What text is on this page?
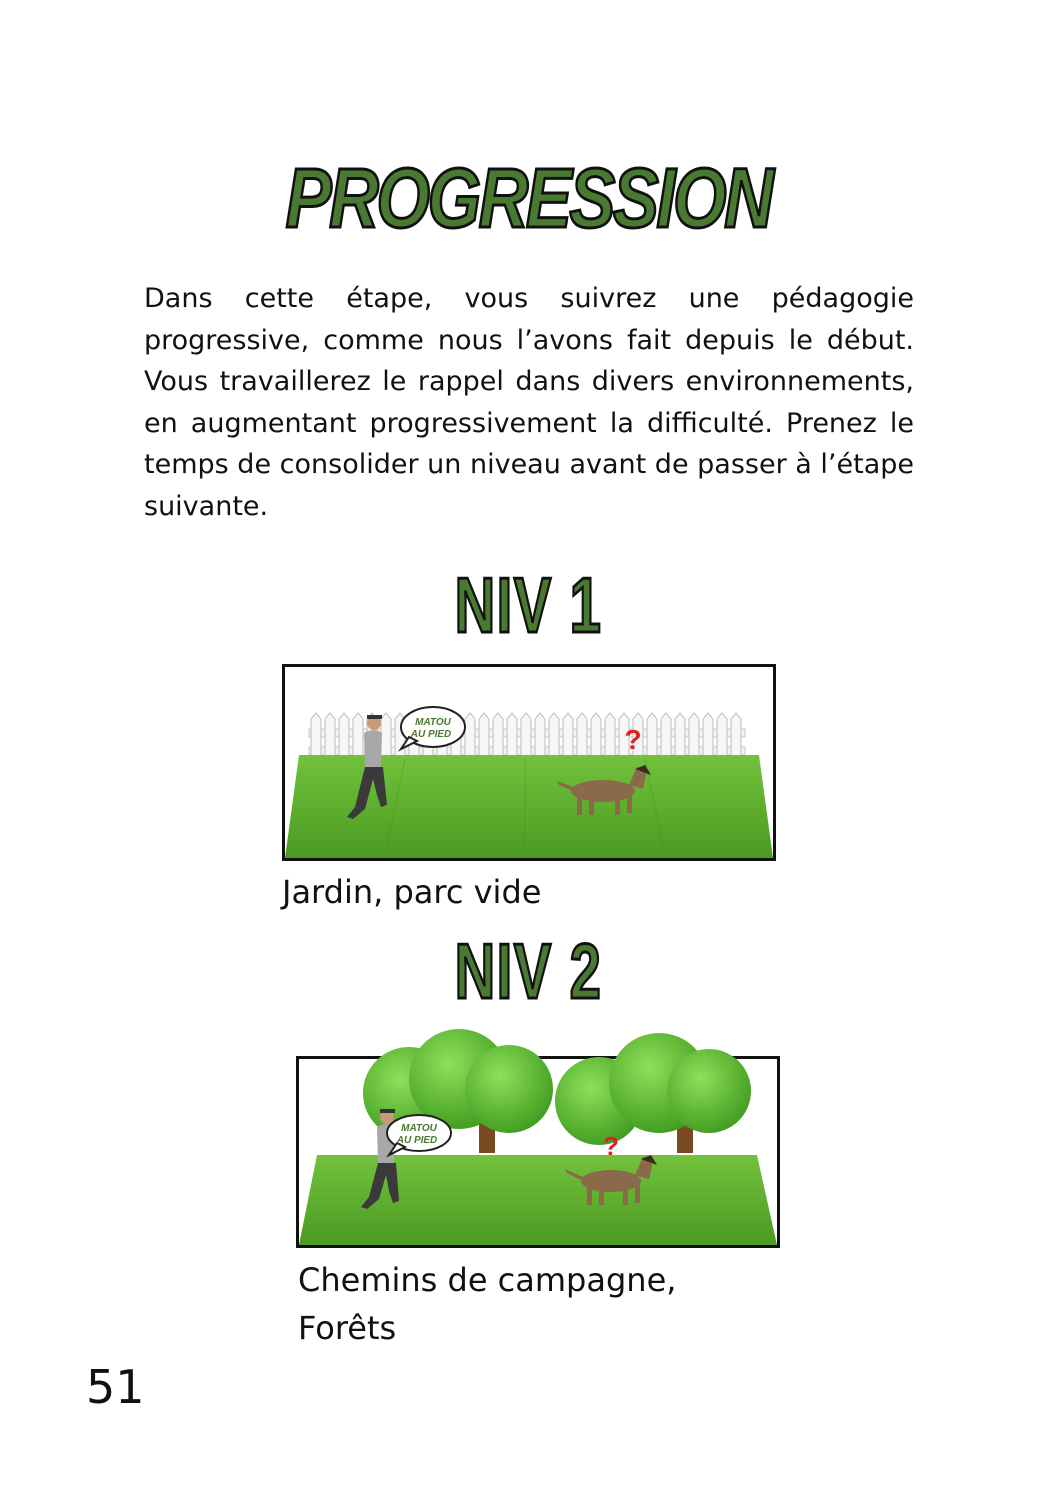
PROGRESSION

Dans cette étape, vous suivrez une pédagogie progressive, comme nous l’avons fait depuis le début. Vous travaillerez le rappel dans divers environnements, en augmentant progressivement la difficulté. Prenez le temps de consolider un niveau avant de passer à l’étape suivante.

NIV 1
MATOU
AU PIED	?

Jardin, parc vide

NIV 2
MATOU
AU PIED	?

Chemins de campagne,
Forêts

51
